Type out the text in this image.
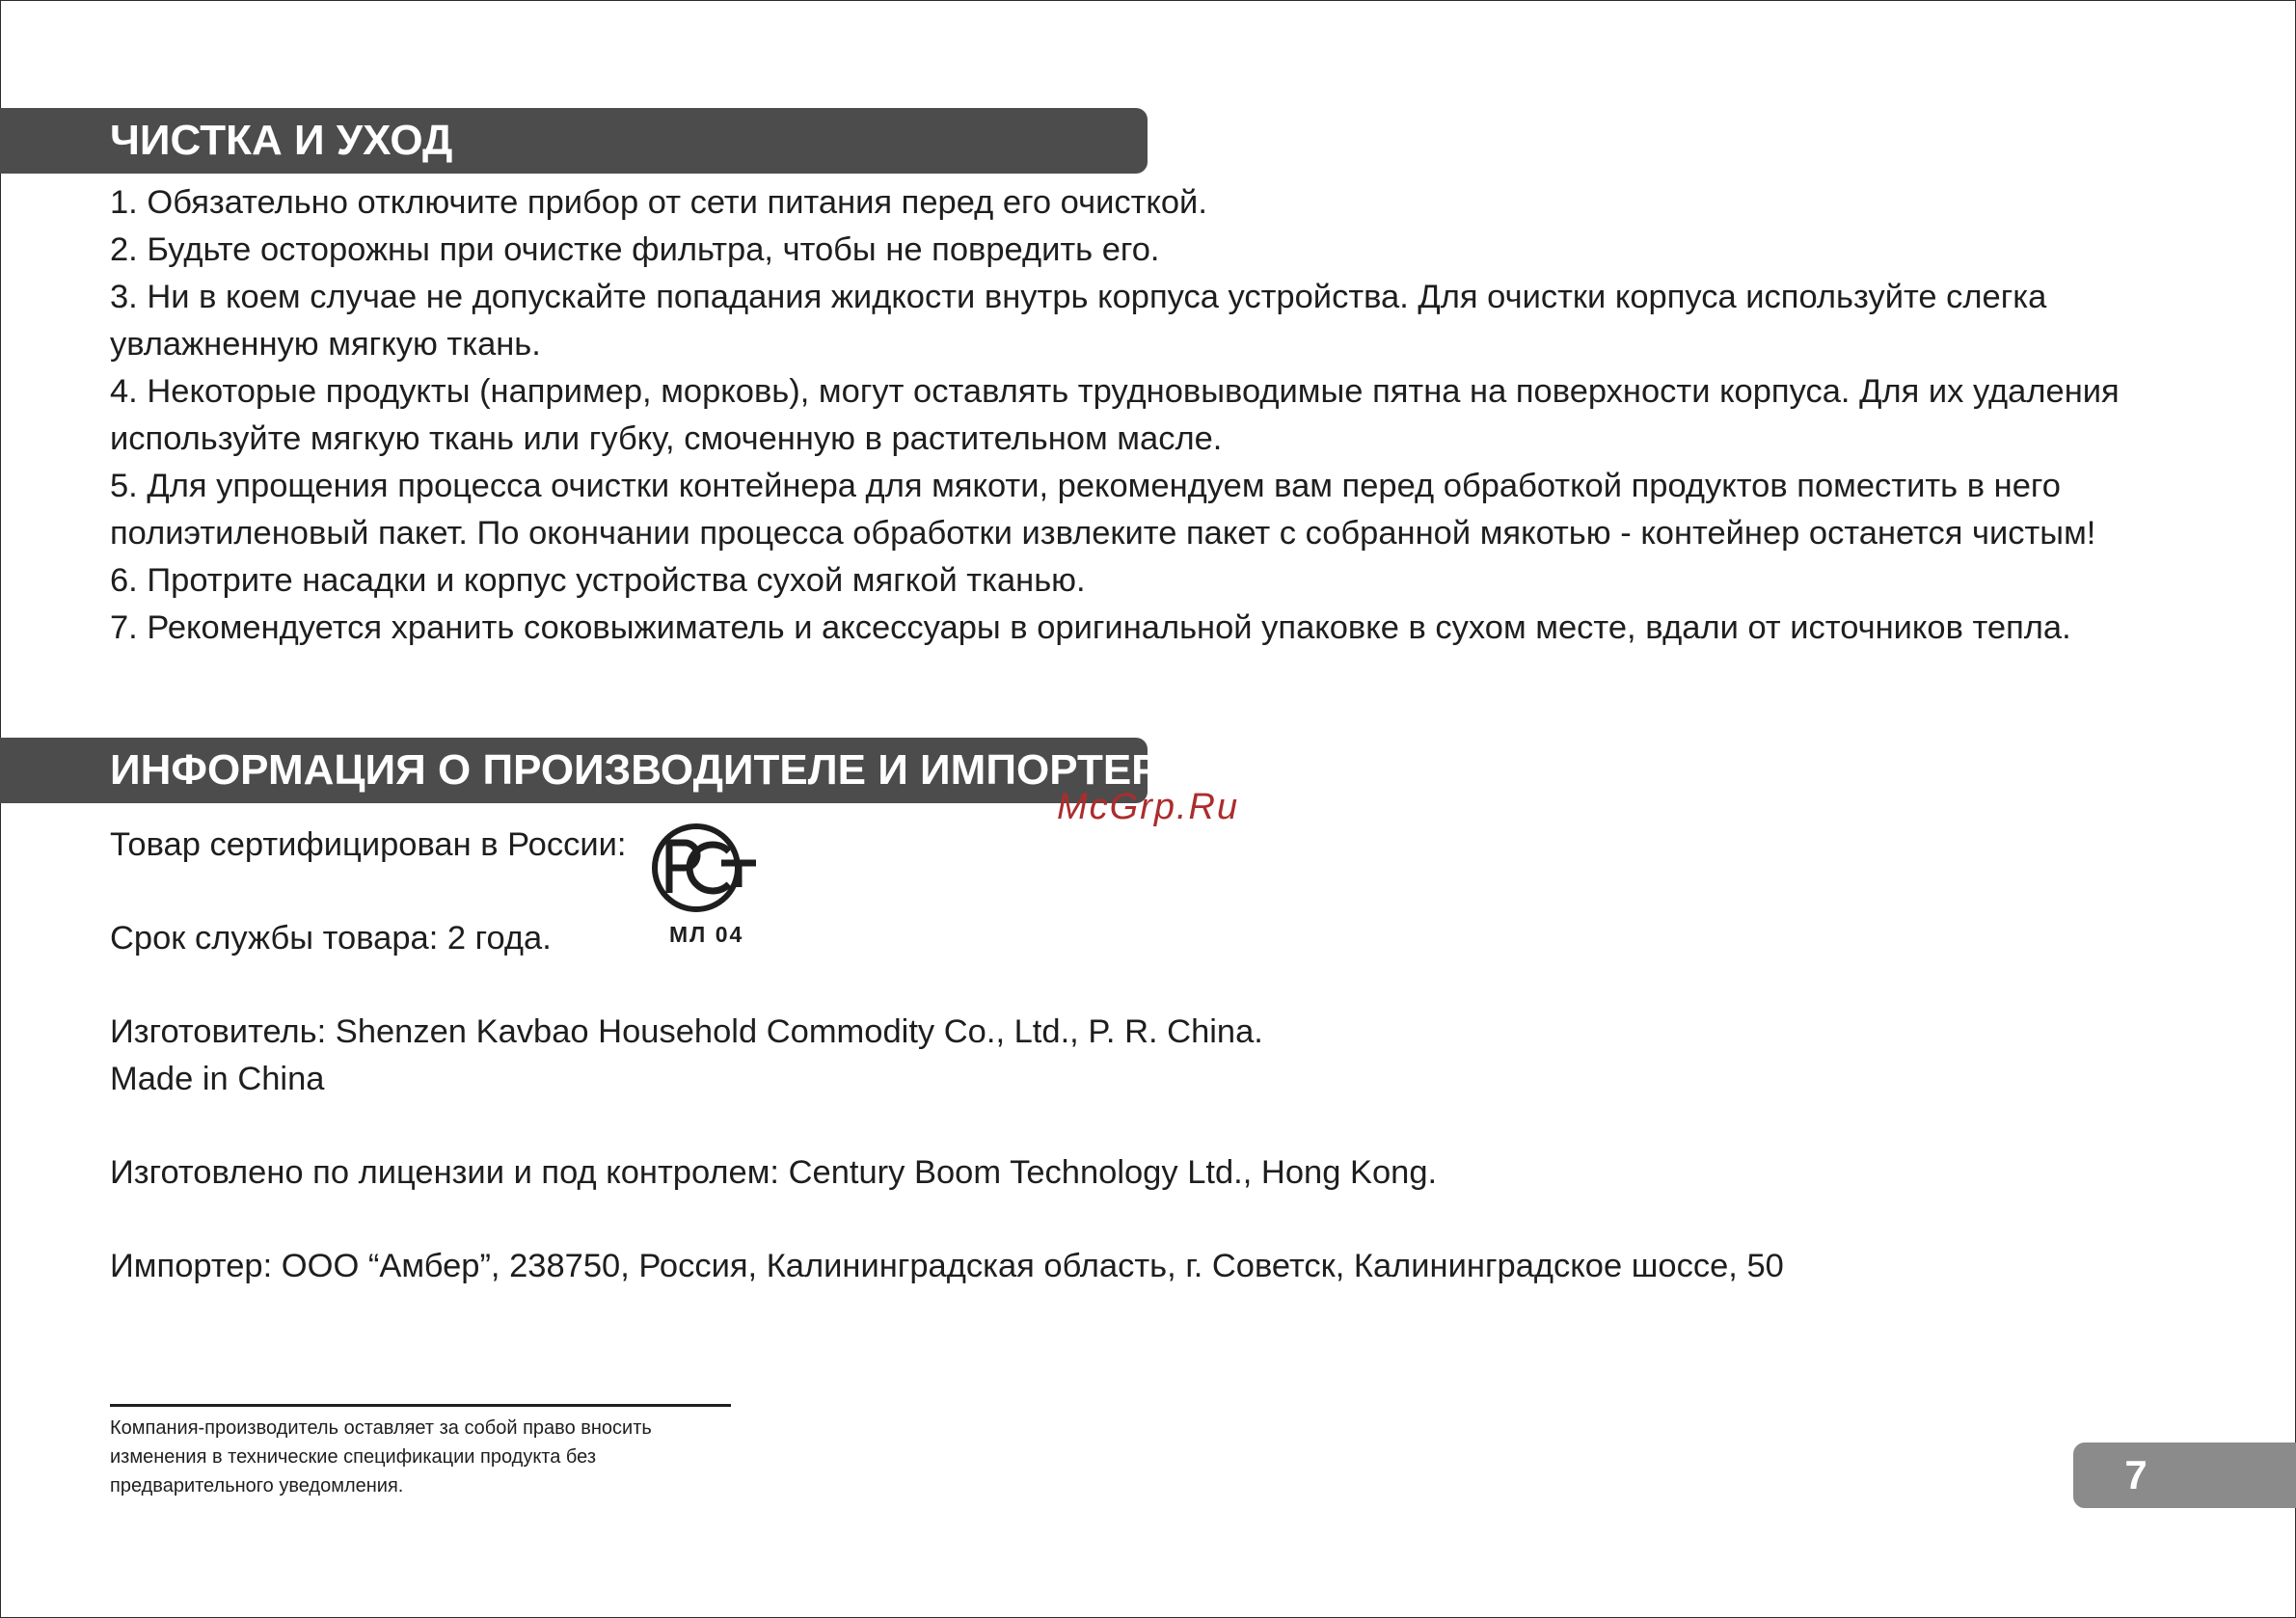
ЧИСТКА И УХОД
1. Обязательно отключите прибор от сети питания перед его очисткой.
2. Будьте осторожны при очистке фильтра, чтобы не повредить его.
3. Ни в коем случае не допускайте попадания жидкости внутрь корпуса устройства. Для очистки корпуса используйте слегка увлажненную мягкую ткань.
4. Некоторые продукты (например, морковь), могут оставлять трудновыводимые пятна на поверхности корпуса. Для их удаления используйте мягкую ткань или губку, смоченную в растительном масле.
5. Для упрощения процесса очистки контейнера для мякоти, рекомендуем вам перед обработкой продуктов поместить в него полиэтиленовый пакет. По окончании процесса обработки извлеките пакет с собранной мякотью - контейнер останется чистым!
6. Протрите насадки и корпус устройства сухой мягкой тканью.
7. Рекомендуется хранить соковыжиматель и аксессуары в оригинальной упаковке в сухом месте, вдали от источников тепла.
ИНФОРМАЦИЯ О ПРОИЗВОДИТЕЛЕ И ИМПОРТЕРЕ
McGrp.Ru
Товар сертифицирован в России:
МЛ 04
Срок службы товара: 2 года.
Изготовитель: Shenzen Kavbao Household Commodity Co., Ltd., P. R. China.
Made in China
Изготовлено по лицензии и под контролем: Century Boom Technology Ltd., Hong Kong.
Импортер: ООО “Амбер”, 238750, Россия, Калининградская область, г. Советск, Калининградское шоссе, 50
Компания-производитель оставляет за собой право вносить
изменения в технические спецификации продукта без
предварительного уведомления.	7
